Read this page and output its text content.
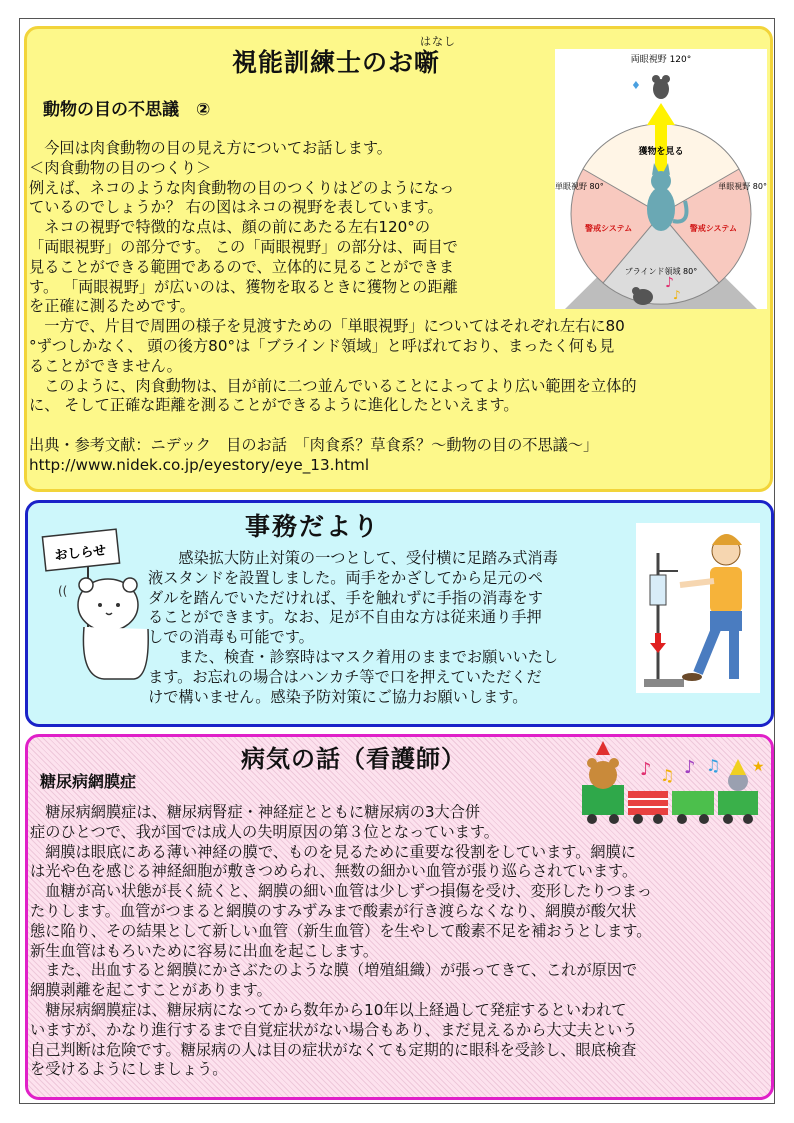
はなし
視能訓練士のお噺
動物の目の不思議　②
♪
♪
♦
両眼視野 120°
獲物を見る
単眼視野 80°	単眼視野 80°
警戒システム	警戒システム
ブラインド領域 80°

　今回は肉食動物の目の見え方についてお話します。

＜肉食動物の目のつくり＞

例えば、ネコのような肉食動物の目のつくりはどのようになっ

ているのでしょうか？ 右の図はネコの視野を表しています。

　ネコの視野で特徴的な点は、顔の前にあたる左右120°の

「両眼視野」の部分です。 この「両眼視野」の部分は、両目で

見ることができる範囲であるので、立体的に見ることができま

す。 「両眼視野」が広いのは、獲物を取るときに獲物との距離

を正確に測るためです。

　一方で、片目で周囲の様子を見渡すための「単眼視野」についてはそれぞれ左右に80

°ずつしかなく、 頭の後方80°は「ブラインド領域」と呼ばれており、まったく何も見

ることができません。

　このように、肉食動物は、目が前に二つ並んでいることによってより広い範囲を立体的

に、 そして正確な距離を測ることができるように進化したといえます。

出典・参考文献：ニデック　目のお話　「肉食系？草食系？～動物の目の不思議～」

http://www.nidek.co.jp/eyestory/eye_13.html

事務だより
おしらせ
((

　　感染拡大防止対策の一つとして、受付横に足踏み式消毒

液スタンドを設置しました。両手をかざしてから足元のペ

ダルを踏んでいただければ、手を触れずに手指の消毒をす

ることができます。なお、足が不自由な方は従来通り手押

しでの消毒も可能です。

　　また、検査・診察時はマスク着用のままでお願いいたし

ます。お忘れの場合はハンカチ等で口を押えていただくだ

けで構いません。感染予防対策にご協力お願いします。

病気の話（看護師）
糖尿病網膜症
♪ ♫ ♪ ♫ ★

　糖尿病網膜症は、糖尿病腎症・神経症とともに糖尿病の3大合併

症のひとつで、我が国では成人の失明原因の第３位となっています。

　網膜は眼底にある薄い神経の膜で、ものを見るために重要な役割をしています。網膜に

は光や色を感じる神経細胞が敷きつめられ、無数の細かい血管が張り巡らされています。

　血糖が高い状態が長く続くと、網膜の細い血管は少しずつ損傷を受け、変形したりつまっ

たりします。血管がつまると網膜のすみずみまで酸素が行き渡らなくなり、網膜が酸欠状

態に陥り、その結果として新しい血管（新生血管）を生やして酸素不足を補おうとします。

新生血管はもろいために容易に出血を起こします。

　また、出血すると網膜にかさぶたのような膜（増殖組織）が張ってきて、これが原因で

網膜剥離を起こすことがあります。

　糖尿病網膜症は、糖尿病になってから数年から10年以上経過して発症するといわれて

いますが、かなり進行するまで自覚症状がない場合もあり、まだ見えるから大丈夫という

自己判断は危険です。糖尿病の人は目の症状がなくても定期的に眼科を受診し、眼底検査

を受けるようにしましょう。
